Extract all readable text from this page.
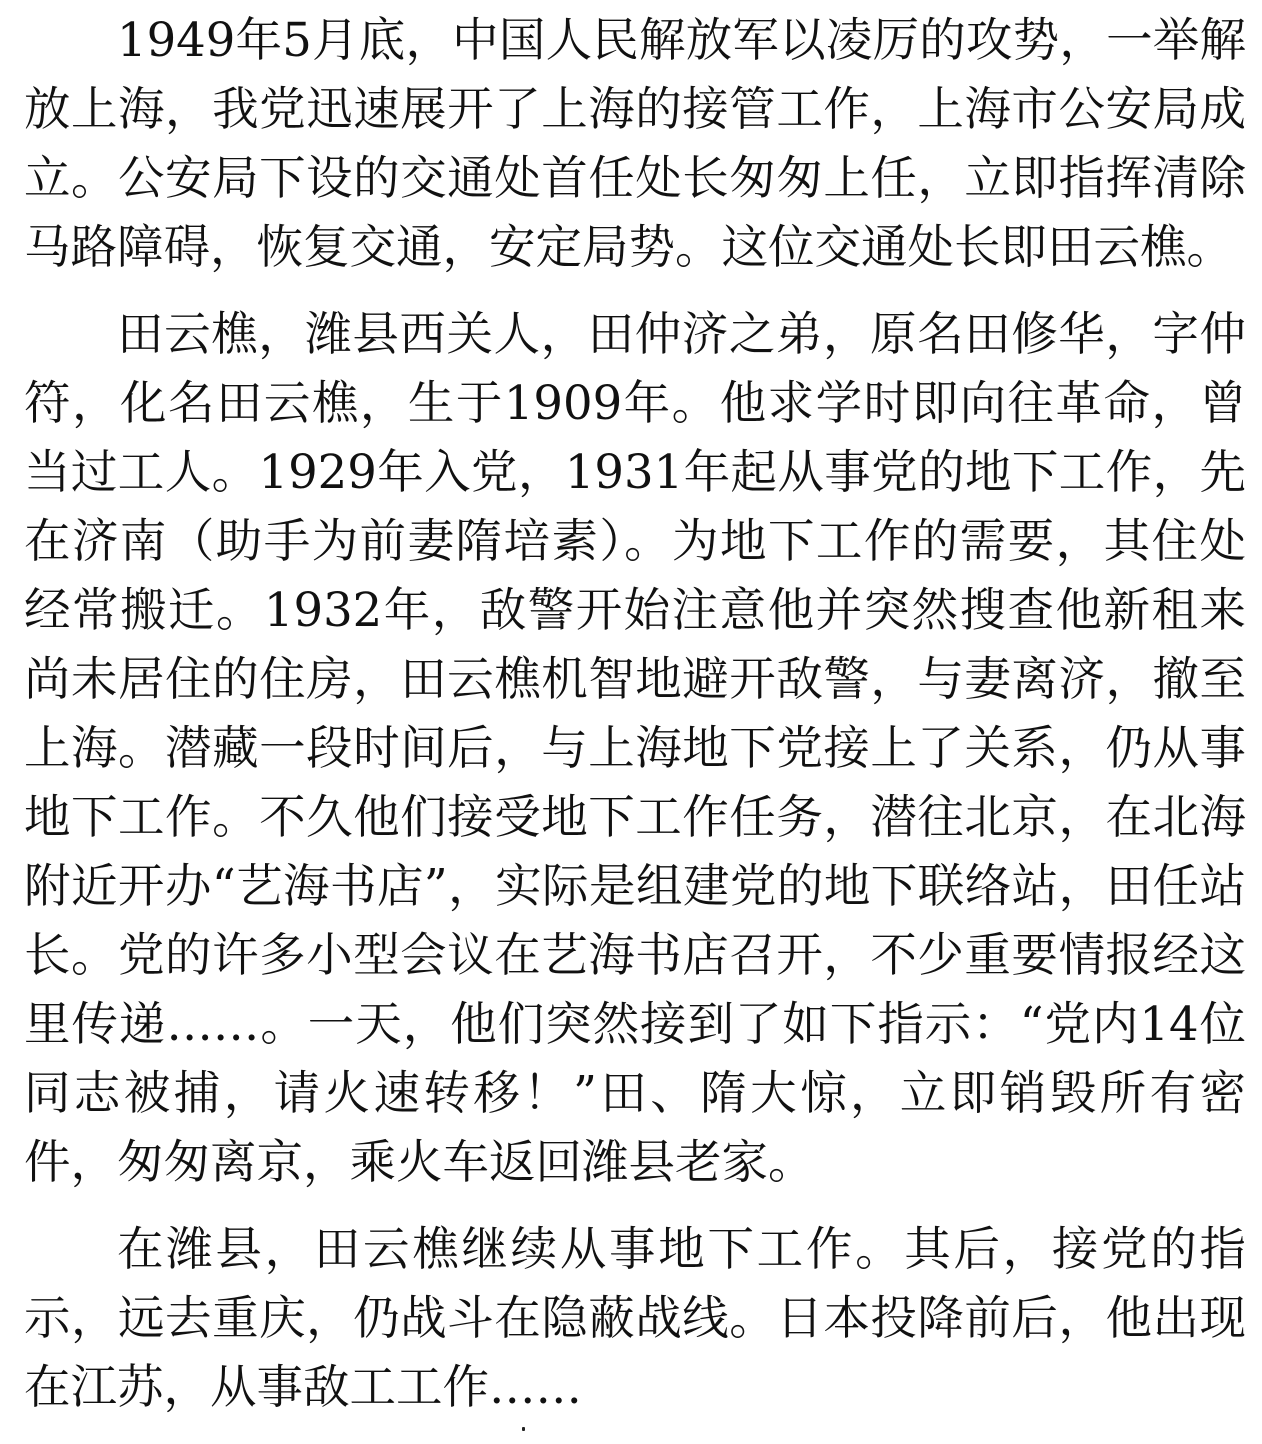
1949年5月底，中国人民解放军以凌厉的攻势，一举解放上海，我党迅速展开了上海的接管工作，上海市公安局成立。公安局下设的交通处首任处长匆匆上任，立即指挥清除马路障碍，恢复交通，安定局势。这位交通处长即田云樵。

田云樵，潍县西关人，田仲济之弟，原名田修华，字仲符，化名田云樵，生于1909年。他求学时即向往革命，曾当过工人。1929年入党，1931年起从事党的地下工作，先在济南（助手为前妻隋培素）。为地下工作的需要，其住处经常搬迁。1932年，敌警开始注意他并突然搜查他新租来尚未居住的住房，田云樵机智地避开敌警，与妻离济，撤至上海。潜藏一段时间后，与上海地下党接上了关系，仍从事地下工作。不久他们接受地下工作任务，潜往北京，在北海附近开办“艺海书店”，实际是组建党的地下联络站，田任站长。党的许多小型会议在艺海书店召开，不少重要情报经这里传递……。一天，他们突然接到了如下指示：“党内14位同志被捕，请火速转移！”田、隋大惊，立即销毁所有密件，匆匆离京，乘火车返回潍县老家。

在潍县，田云樵继续从事地下工作。其后，接党的指示，远去重庆，仍战斗在隐蔽战线。日本投降前后，他出现在江苏，从事敌工工作……
